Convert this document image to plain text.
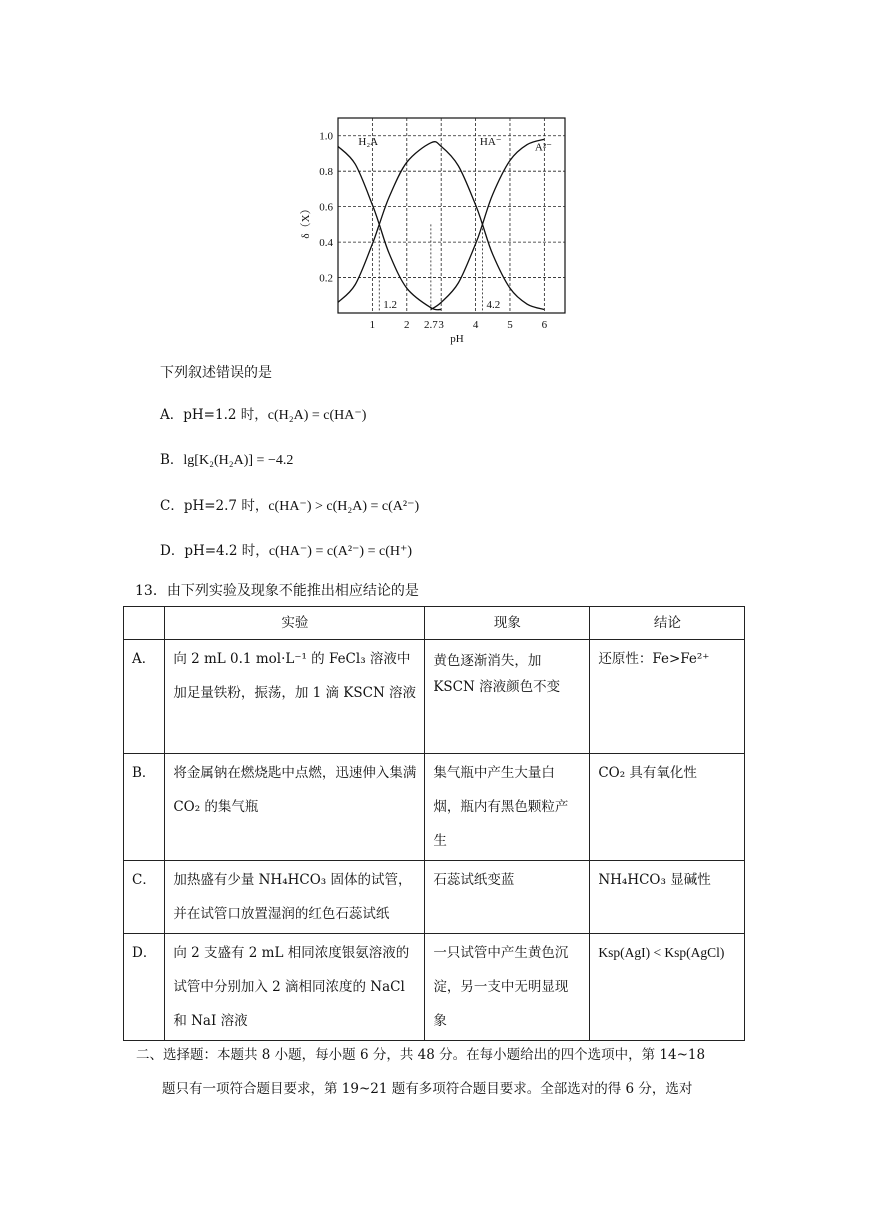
H₂A	HA⁻	A²⁻
0.2
0.4
0.6
0.8
1.0
1	2 2.7 3	4	5	6
1.2	4.2
δ（X）
pH
下列叙述错误的是
A．pH=1.2 时，c(H₂A) = c(HA⁻)
B．lg[K₂(H₂A)] = −4.2
C．pH=2.7 时，c(HA⁻) > c(H₂A) = c(A²⁻)
D．pH=4.2 时，c(HA⁻) = c(A²⁻) = c(H⁺)
13．由下列实验及现象不能推出相应结论的是
	实验	现象	结论
A．	向 2 mL 0.1 mol·L⁻¹ 的 FeCl₃ 溶液中加足量铁粉，振荡，加 1 滴 KSCN 溶液	黄色逐渐消失，加 KSCN 溶液颜色不变	还原性：Fe>Fe²⁺
B．	将金属钠在燃烧匙中点燃，迅速伸入集满 CO₂ 的集气瓶	集气瓶中产生大量白烟，瓶内有黑色颗粒产生	CO₂ 具有氧化性
C．	加热盛有少量 NH₄HCO₃ 固体的试管，并在试管口放置湿润的红色石蕊试纸	石蕊试纸变蓝	NH₄HCO₃ 显碱性
D．	向 2 支盛有 2 mL 相同浓度银氨溶液的试管中分别加入 2 滴相同浓度的 NaCl 和 NaI 溶液	一只试管中产生黄色沉淀，另一支中无明显现象	Ksp(AgI) < Ksp(AgCl)
二、选择题：本题共 8 小题，每小题 6 分，共 48 分。在每小题给出的四个选项中，第 14~18
题只有一项符合题目要求，第 19~21 题有多项符合题目要求。全部选对的得 6 分，选对
